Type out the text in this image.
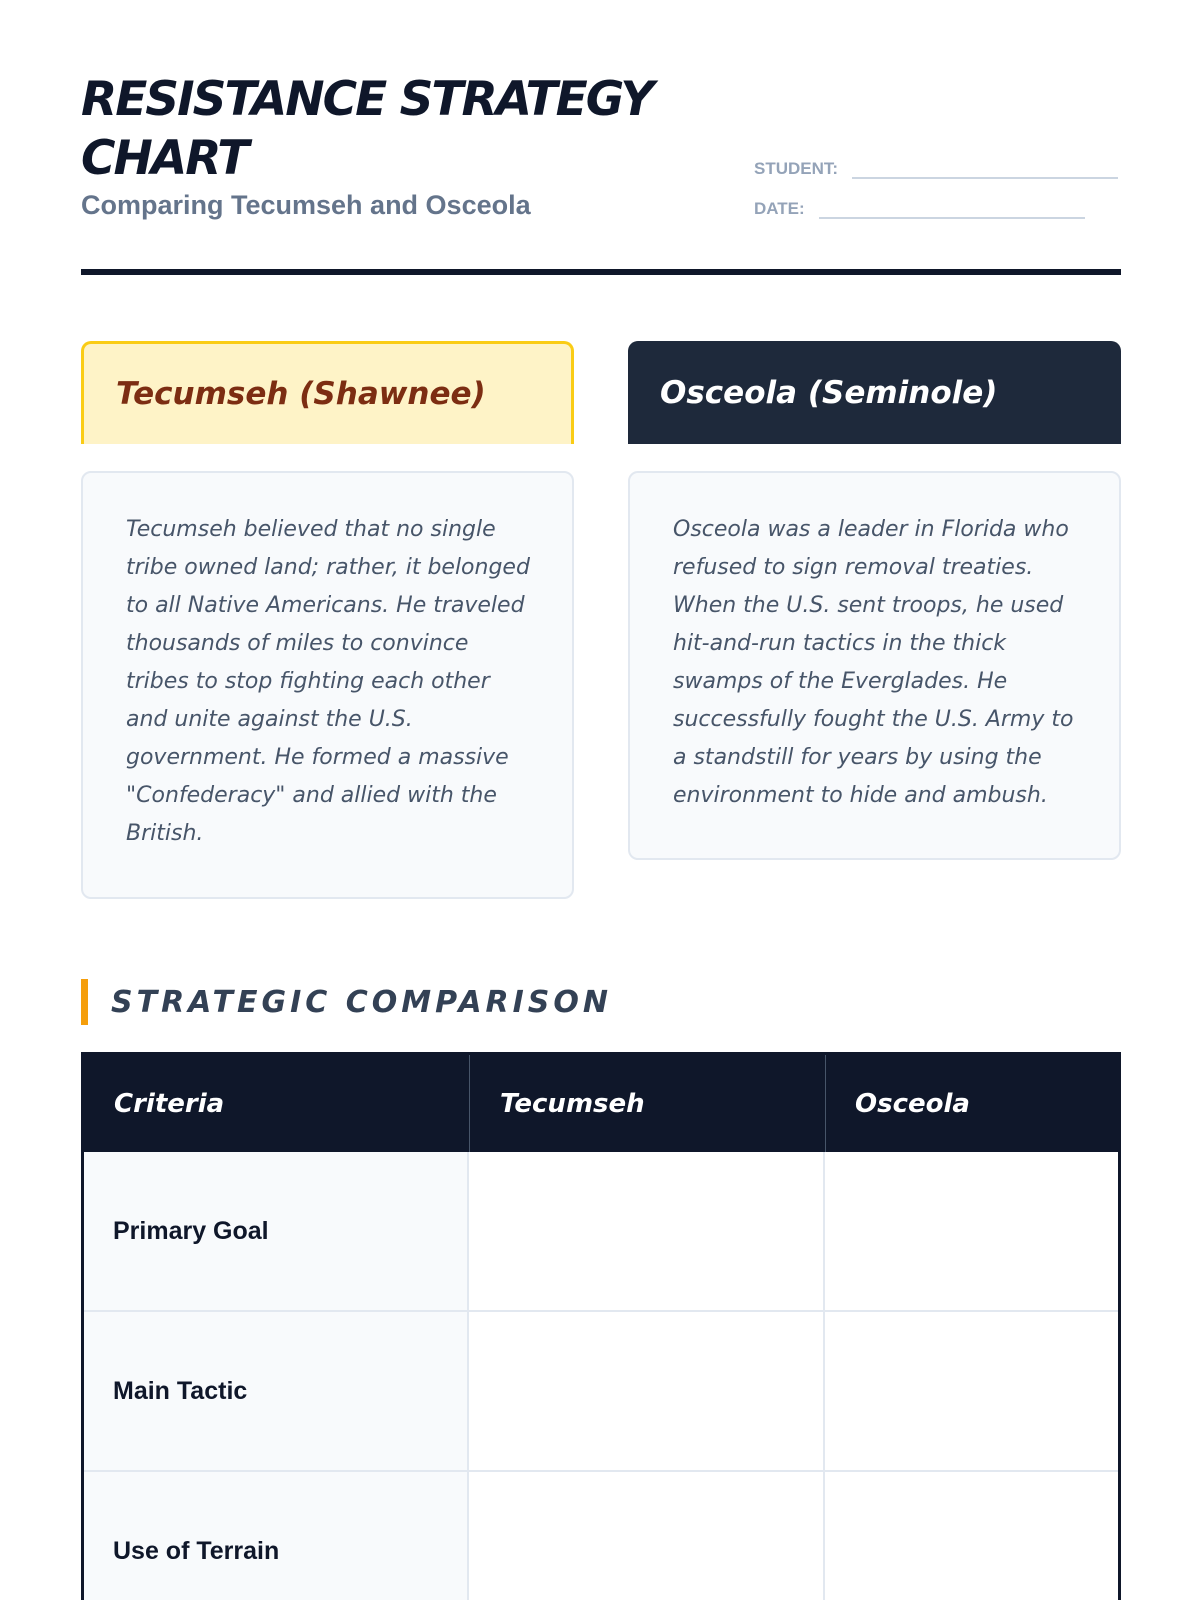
RESISTANCE STRATEGY CHART
Comparing Tecumseh and Osceola
STUDENT:
DATE:
Tecumseh (Shawnee)	Osceola (Seminole)
Tecumseh believed that no single tribe owned land; rather, it belonged to all Native Americans. He traveled thousands of miles to convince tribes to stop fighting each other and unite against the U.S. government. He formed a massive "Confederacy" and allied with the British.
Osceola was a leader in Florida who refused to sign removal treaties. When the U.S. sent troops, he used hit-and-run tactics in the thick swamps of the Everglades. He successfully fought the U.S. Army to a standstill for years by using the environment to hide and ambush.
STRATEGIC COMPARISON
Criteria	Tecumseh	Osceola
Primary Goal
Main Tactic
Use of Terrain
